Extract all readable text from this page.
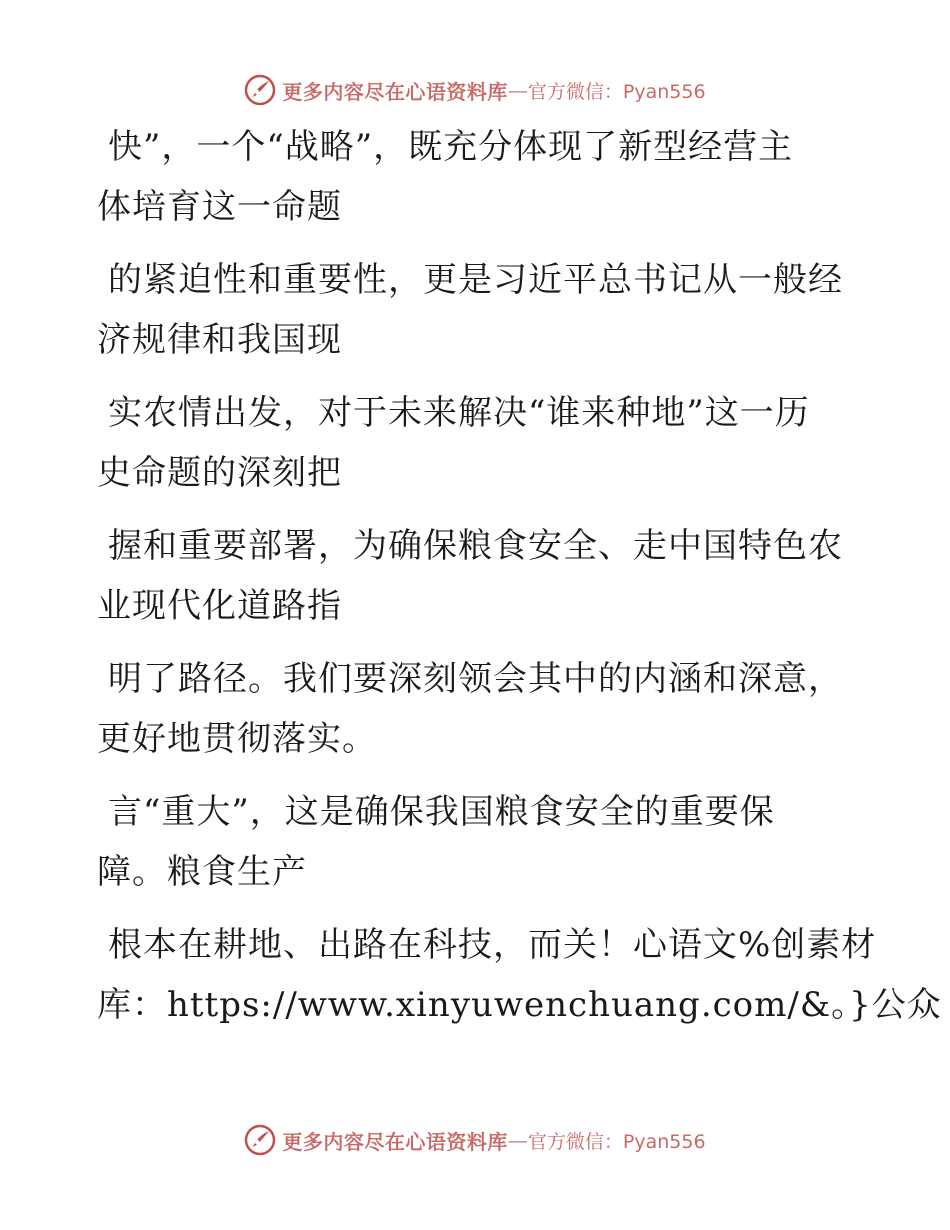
更多内容尽在心语资料库 — 官方微信：Pyan556
快”，一个“战略”，既充分体现了新型经营主
体培育这一命题
的紧迫性和重要性，更是习近平总书记从一般经
济规律和我国现
实农情出发，对于未来解决“谁来种地”这一历
史命题的深刻把
握和重要部署，为确保粮食安全、走中国特色农
业现代化道路指
明了路径。我们要深刻领会其中的内涵和深意，
更好地贯彻落实。
言“重大”，这是确保我国粮食安全的重要保
障。粮食生产
根本在耕地、出路在科技，而关！心语文%创素材
库：https://www.xinyuwenchuang.com/&。}公众
更多内容尽在心语资料库 — 官方微信：Pyan556
